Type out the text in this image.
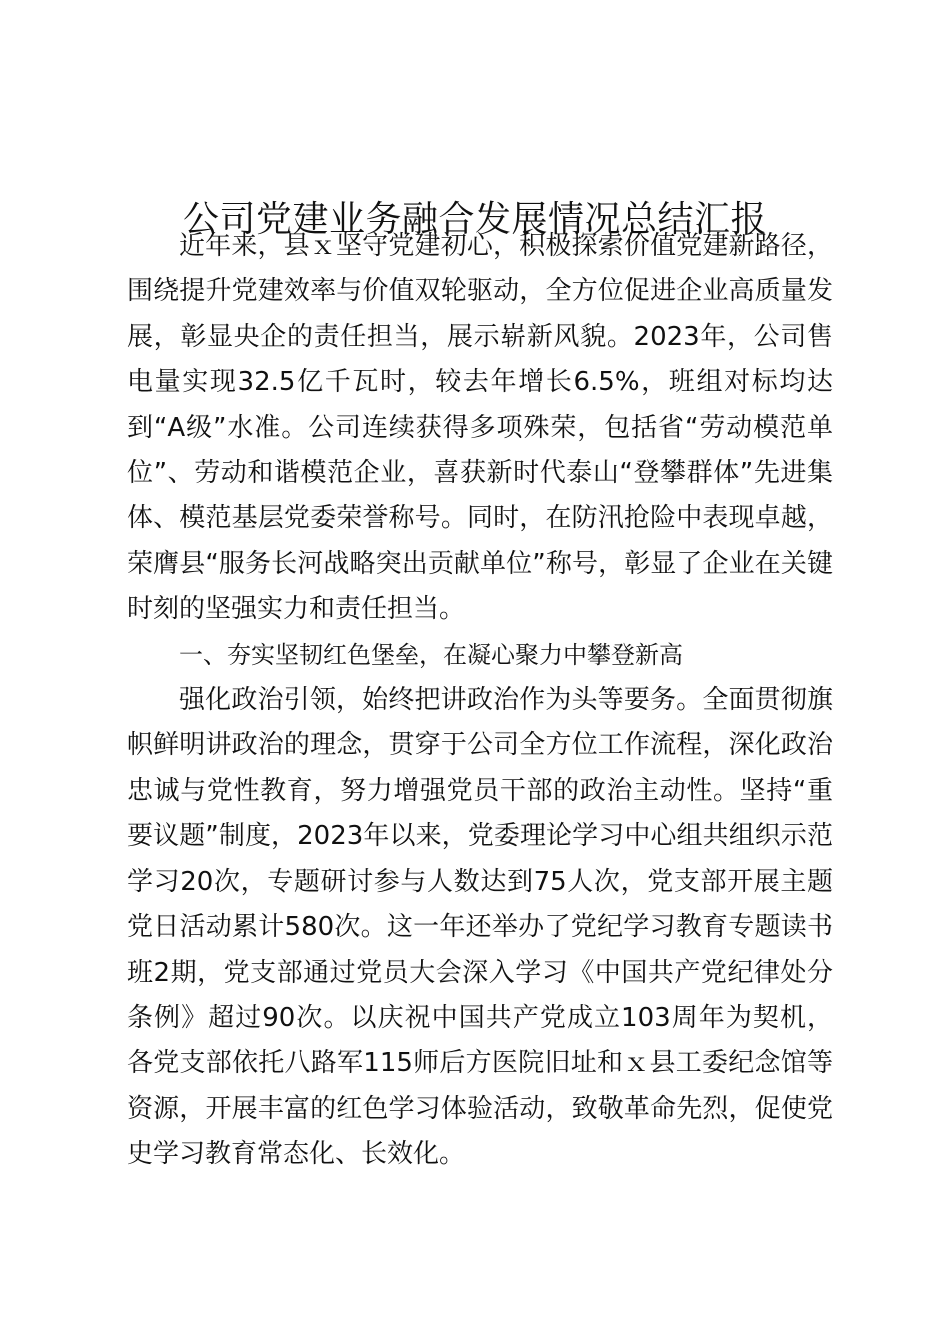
公司党建业务融合发展情况总结汇报

近年来，县ｘ坚守党建初心，积极探索价值党建新路径，围绕提升党建效率与价值双轮驱动，全方位促进企业高质量发展，彰显央企的责任担当，展示崭新风貌。2023年，公司售电量实现32.5亿千瓦时，较去年增长6.5%，班组对标均达到“A级”水准。公司连续获得多项殊荣，包括省“劳动模范单位”、劳动和谐模范企业，喜获新时代泰山“登攀群体”先进集体、模范基层党委荣誉称号。同时，在防汛抢险中表现卓越，荣膺县“服务长河战略突出贡献单位”称号，彰显了企业在关键时刻的坚强实力和责任担当。

一、夯实坚韧红色堡垒，在凝心聚力中攀登新高

强化政治引领，始终把讲政治作为头等要务。全面贯彻旗帜鲜明讲政治的理念，贯穿于公司全方位工作流程，深化政治忠诚与党性教育，努力增强党员干部的政治主动性。坚持“重要议题”制度，2023年以来，党委理论学习中心组共组织示范学习20次，专题研讨参与人数达到75人次，党支部开展主题党日活动累计580次。这一年还举办了党纪学习教育专题读书班2期，党支部通过党员大会深入学习《中国共产党纪律处分条例》超过90次。以庆祝中国共产党成立103周年为契机，各党支部依托八路军115师后方医院旧址和ｘ县工委纪念馆等资源，开展丰富的红色学习体验活动，致敬革命先烈，促使党史学习教育常态化、长效化。
